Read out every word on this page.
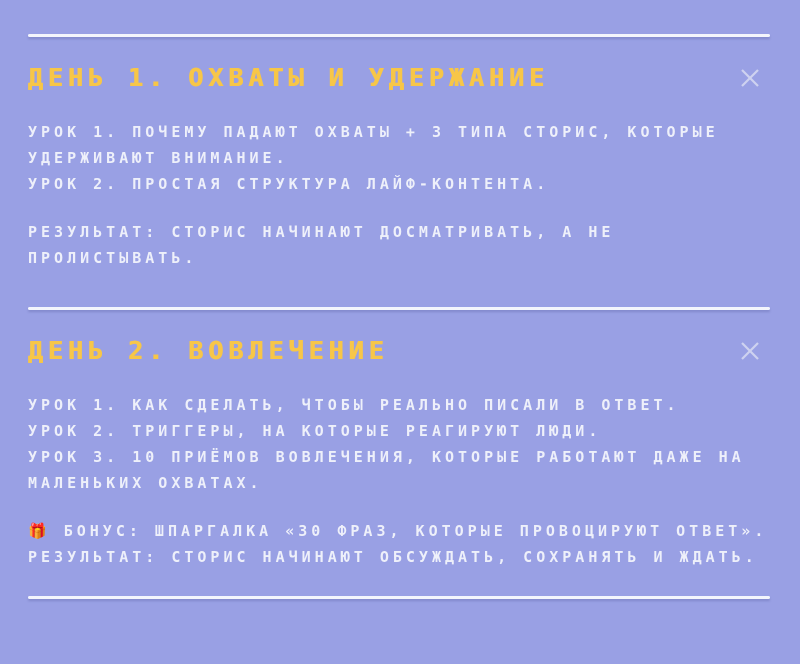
ДЕНЬ 1. ОХВАТЫ И УДЕРЖАНИЕ
УРОК 1. ПОЧЕМУ ПАДАЮТ ОХВАТЫ + 3 ТИПА СТОРИС, КОТОРЫЕ УДЕРЖИВАЮТ ВНИМАНИЕ.
УРОК 2. ПРОСТАЯ СТРУКТУРА ЛАЙФ-КОНТЕНТА.
РЕЗУЛЬТАТ: СТОРИС НАЧИНАЮТ ДОСМАТРИВАТЬ, А НЕ ПРОЛИСТЫВАТЬ.
ДЕНЬ 2. ВОВЛЕЧЕНИЕ
УРОК 1. КАК СДЕЛАТЬ, ЧТОБЫ РЕАЛЬНО ПИСАЛИ В ОТВЕТ.
УРОК 2. ТРИГГЕРЫ, НА КОТОРЫЕ РЕАГИРУЮТ ЛЮДИ.
УРОК 3. 10 ПРИЁМОВ ВОВЛЕЧЕНИЯ, КОТОРЫЕ РАБОТАЮТ ДАЖЕ НА МАЛЕНЬКИХ ОХВАТАХ.
🎁 БОНУС: ШПАРГАЛКА «30 ФРАЗ, КОТОРЫЕ ПРОВОЦИРУЮТ ОТВЕТ».
РЕЗУЛЬТАТ: СТОРИС НАЧИНАЮТ ОБСУЖДАТЬ, СОХРАНЯТЬ И ЖДАТЬ.
